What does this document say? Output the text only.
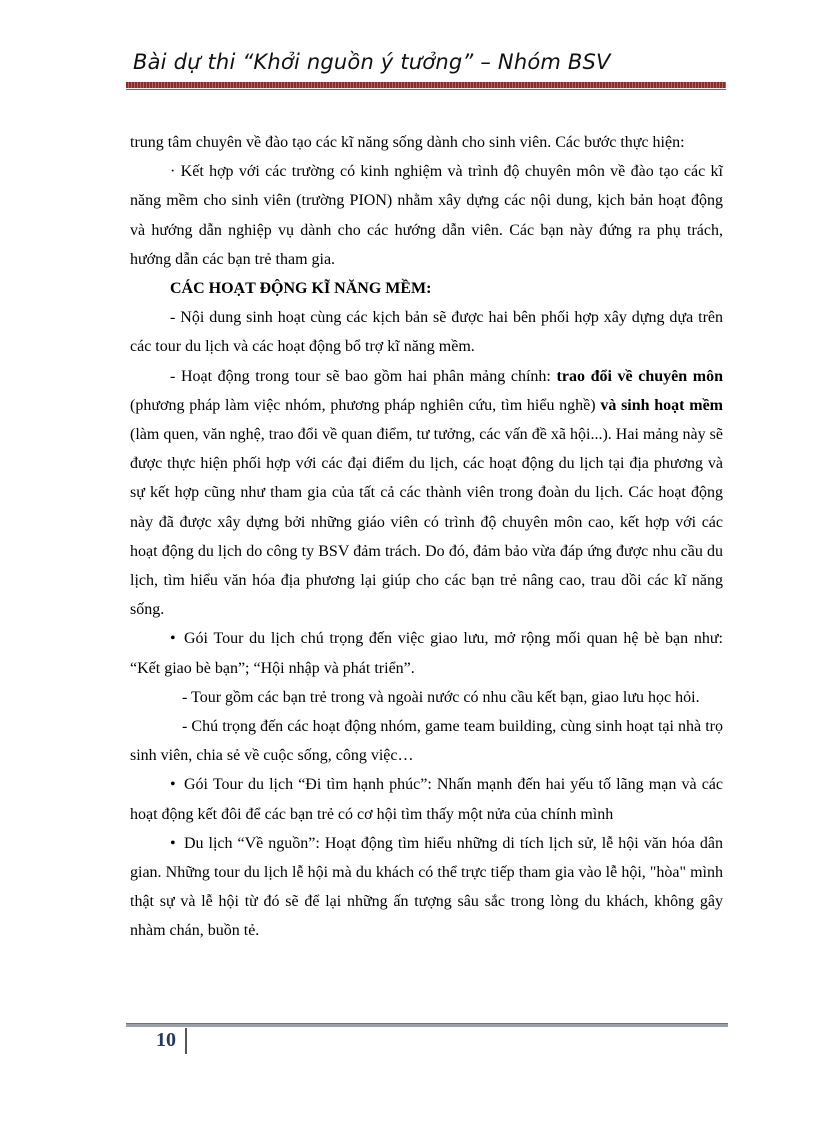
Bài dự thi “Khởi nguồn ý tưởng” – Nhóm BSV

trung tâm chuyên về đào tạo các kĩ năng sống dành cho sinh viên. Các bước thực hiện:

· Kết hợp với các trường có kinh nghiệm và trình độ chuyên môn về đào tạo các kĩ năng mềm cho sinh viên (trường PION) nhằm xây dựng các nội dung, kịch bản hoạt động và hướng dẫn nghiệp vụ dành cho các hướng dẫn viên. Các bạn này đứng ra phụ trách, hướng dẫn các bạn trẻ tham gia.

CÁC HOẠT ĐỘNG KĨ NĂNG MỀM:

- Nội dung sinh hoạt cùng các kịch bản sẽ được hai bên phối hợp xây dựng dựa trên các tour du lịch và các hoạt động bổ trợ kĩ năng mềm.

- Hoạt động trong tour sẽ bao gồm hai phân mảng chính: trao đổi về chuyên môn (phương pháp làm việc nhóm, phương pháp nghiên cứu, tìm hiểu nghề) và sinh hoạt mềm (làm quen, văn nghệ, trao đổi về quan điểm, tư tưởng, các vấn đề xã hội...). Hai mảng này sẽ được thực hiện phối hợp với các đại điểm du lịch, các hoạt động du lịch tại địa phương và sự kết hợp cũng như tham gia của tất cả các thành viên trong đoàn du lịch. Các hoạt động này đã được xây dựng bởi những giáo viên có trình độ chuyên môn cao, kết hợp với các hoạt động du lịch do công ty BSV đảm trách. Do đó, đảm bảo vừa đáp ứng được nhu cầu du lịch, tìm hiểu văn hóa địa phương lại giúp cho các bạn trẻ nâng cao, trau dồi các kĩ năng sống.

• Gói Tour du lịch chú trọng đến việc giao lưu, mở rộng mối quan hệ bè bạn như: “Kết giao bè bạn”; “Hội nhập và phát triển”.

- Tour gồm các bạn trẻ trong và ngoài nước có nhu cầu kết bạn, giao lưu học hỏi.

- Chú trọng đến các hoạt động nhóm, game team building, cùng sinh hoạt tại nhà trọ sinh viên, chia sẻ về cuộc sống, công việc…

• Gói Tour du lịch “Đi tìm hạnh phúc”: Nhấn mạnh đến hai yếu tố lãng mạn và các hoạt động kết đôi để các bạn trẻ có cơ hội tìm thấy một nửa của chính mình

• Du lịch “Về nguồn”: Hoạt động tìm hiểu những di tích lịch sử, lễ hội văn hóa dân gian. Những tour du lịch lễ hội mà du khách có thể trực tiếp tham gia vào lễ hội, "hòa" mình thật sự và lễ hội từ đó sẽ để lại những ấn tượng sâu sắc trong lòng du khách, không gây nhàm chán, buồn tẻ.

10
